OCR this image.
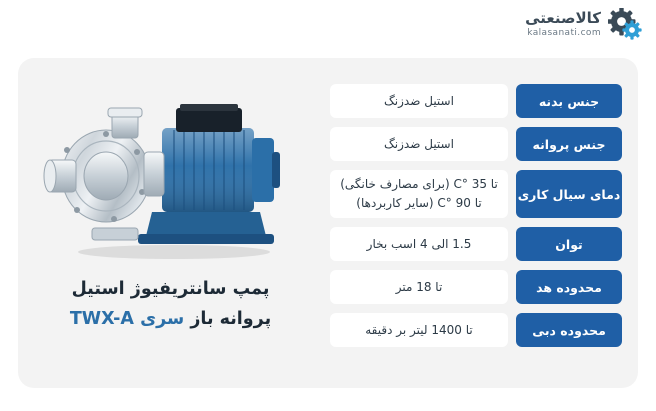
کالاصنعتی
kalasanati.com
پمپ سانتریفیوژ استیل
پروانه باز سری TWX-A
جنس بدنه
استیل ضدزنگ
جنس پروانه
استیل ضدزنگ
دمای سیال کاری
تا C° 35 (برای مصارف خانگی)
تا C° 90 (سایر کاربردها)
توان
1.5 الی 4 اسب بخار
محدوده هد
تا 18 متر
محدوده دبی
تا 1400 لیتر بر دقیقه
